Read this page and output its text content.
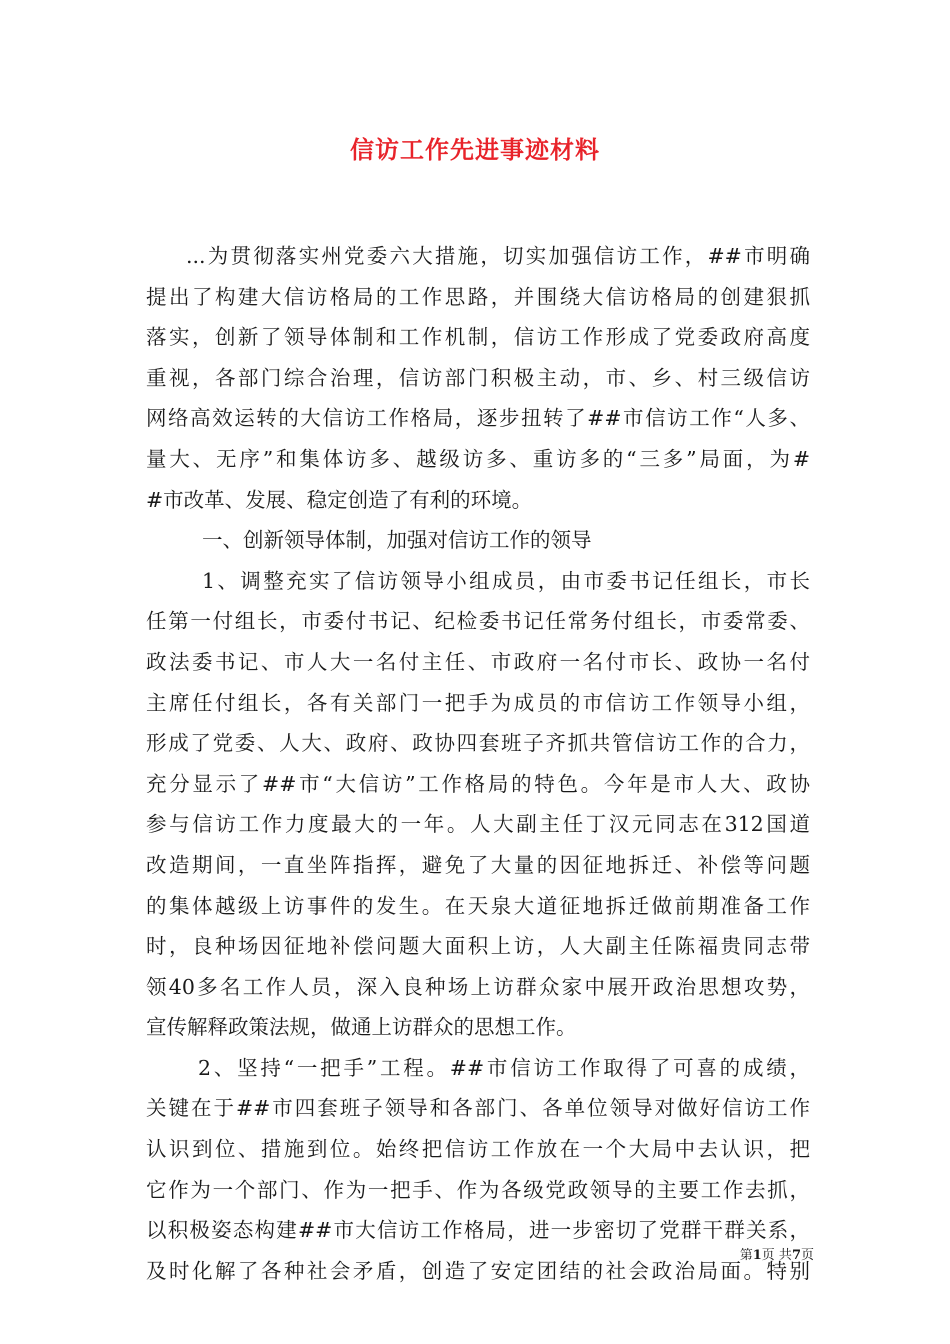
信访工作先进事迹材料
...为贯彻落实州党委六大措施，切实加强信访工作，##市明确
提出了构建大信访格局的工作思路，并围绕大信访格局的创建狠抓
落实，创新了领导体制和工作机制，信访工作形成了党委政府高度
重视，各部门综合治理，信访部门积极主动，市、乡、村三级信访
网络高效运转的大信访工作格局，逐步扭转了##市信访工作“人多、
量大、无序”和集体访多、越级访多、重访多的“三多”局面，为#
#市改革、发展、稳定创造了有利的环境。
一、创新领导体制，加强对信访工作的领导
1、调整充实了信访领导小组成员，由市委书记任组长，市长
任第一付组长，市委付书记、纪检委书记任常务付组长，市委常委、
政法委书记、市人大一名付主任、市政府一名付市长、政协一名付
主席任付组长，各有关部门一把手为成员的市信访工作领导小组，
形成了党委、人大、政府、政协四套班子齐抓共管信访工作的合力，
充分显示了##市“大信访”工作格局的特色。今年是市人大、政协
参与信访工作力度最大的一年。人大副主任丁汉元同志在312国道
改造期间，一直坐阵指挥，避免了大量的因征地拆迁、补偿等问题
的集体越级上访事件的发生。在天泉大道征地拆迁做前期准备工作
时，良种场因征地补偿问题大面积上访，人大副主任陈福贵同志带
领40多名工作人员，深入良种场上访群众家中展开政治思想攻势，
宣传解释政策法规，做通上访群众的思想工作。
2、坚持“一把手”工程。##市信访工作取得了可喜的成绩，
关键在于##市四套班子领导和各部门、各单位领导对做好信访工作
认识到位、措施到位。始终把信访工作放在一个大局中去认识，把
它作为一个部门、作为一把手、作为各级党政领导的主要工作去抓，
以积极姿态构建##市大信访工作格局，进一步密切了党群干群关系，
及时化解了各种社会矛盾，创造了安定团结的社会政治局面。特别
第1页 共7页
